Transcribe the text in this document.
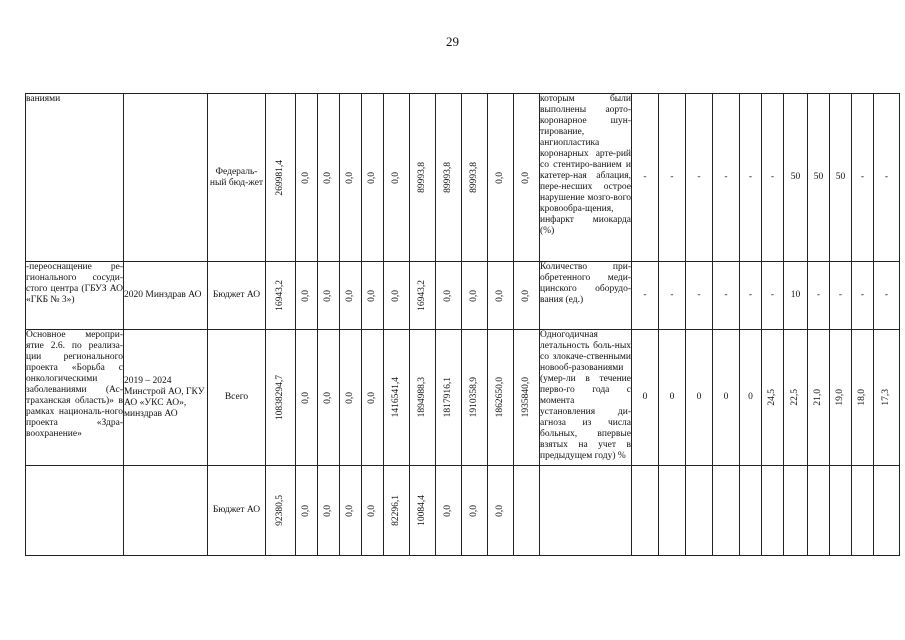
29
ваниями		Федераль-ный бюд-жет	269981,4	0,0	0,0	0,0	0,0	0,0	89993,8	89993,8	89993,8	0,0	0,0	которым были выполнены аорто-коронарное шун-тирование, ангиопластика коронарных арте-рий со стентиро-ванием и катетер-ная аблация, пере-несших острое нарушение мозго-вого кровообра-щения, инфаркт миокарда (%)	-	-	-	-	-	-	50	50	50	-	-
-переоснащение ре-гионального сосуди-стого центра (ГБУЗ АО «ГКБ № 3»)	2020 Минздрав АО	Бюджет АО	16943,2	0,0	0,0	0,0	0,0	0,0	16943,2	0,0	0,0	0,0	0,0	Количество при-обретенного меди-цинского оборудо-вания (ед.)	-	-	-	-	-	-	10	-	-	-	-
Основное меропри-ятие 2.6. по реализа-ции регионального проекта «Борьба с онкологическими заболеваниями (Ас-траханская область)» в рамках националь-ного проекта «Здра-воохранение»	2019 – 2024 Минстрой АО, ГКУ АО «УКС АО», минздрав АО	Всего	10838294,7	0,0	0,0	0,0	0,0	1416541,4	1894988,3	1817916,1	1910358,9	1862650,0	1935840,0	Одногодичная летальность боль-ных со злокаче-ственными новооб-разованиями (умер-ли в течение перво-го года с момента установления ди-агноза из числа больных, впервые взятых на учет в предыдущем году) %	0	0	0	0	0	24,5	22,5	21,0	19,0	18,0	17,3

		Бюджет АО	92380,5	0,0	0,0	0,0	0,0	82296,1	10084,4	0,0	0,0	0,0													
